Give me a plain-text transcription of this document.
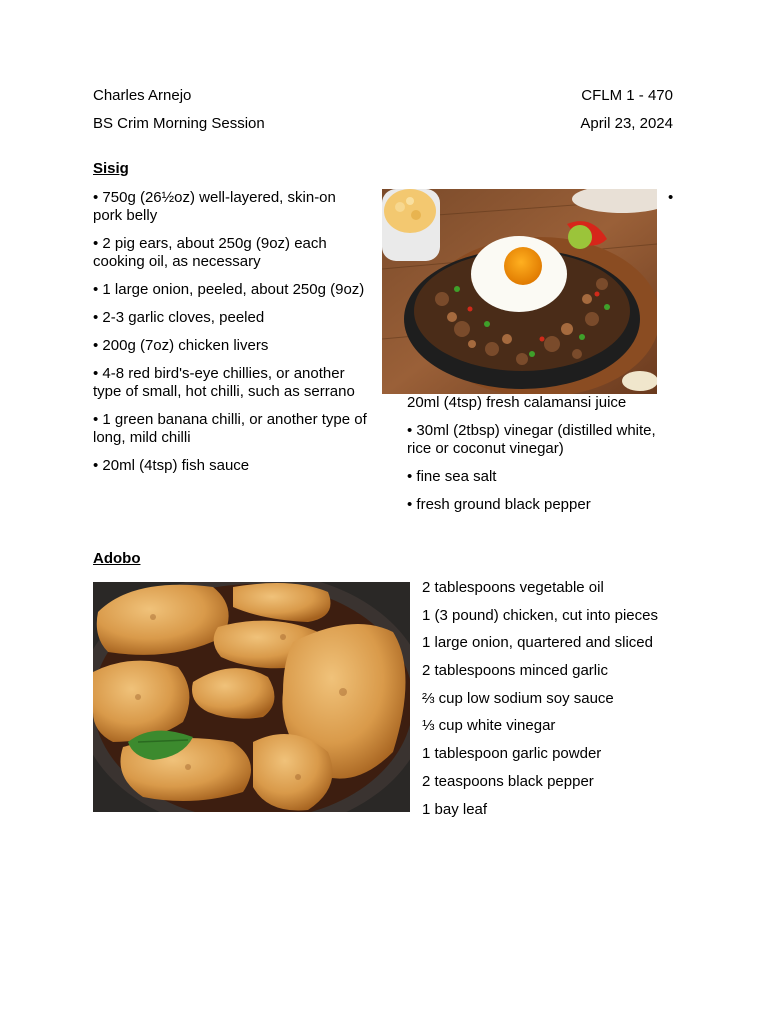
Charles Arnejo
BS Crim Morning Session
CFLM 1 - 470
April 23, 2024
Sisig
• 750g (26½oz) well-layered, skin-on pork belly
• 2 pig ears, about 250g (9oz) each cooking oil, as necessary
• 1 large onion, peeled, about 250g (9oz)
• 2-3 garlic cloves, peeled
• 200g (7oz) chicken livers
• 4-8 red bird's-eye chillies, or another type of small, hot chilli, such as serrano
• 1 green banana chilli, or another type of long, mild chilli
• 20ml (4tsp) fish sauce
•
20ml (4tsp) fresh calamansi juice
• 30ml (2tbsp) vinegar (distilled white, rice or coconut vinegar)
• fine sea salt
• fresh ground black pepper
Adobo
2 tablespoons vegetable oil
1 (3 pound) chicken, cut into pieces
1 large onion, quartered and sliced
2 tablespoons minced garlic
⅔ cup low sodium soy sauce
⅓ cup white vinegar
1 tablespoon garlic powder
2 teaspoons black pepper
1 bay leaf
